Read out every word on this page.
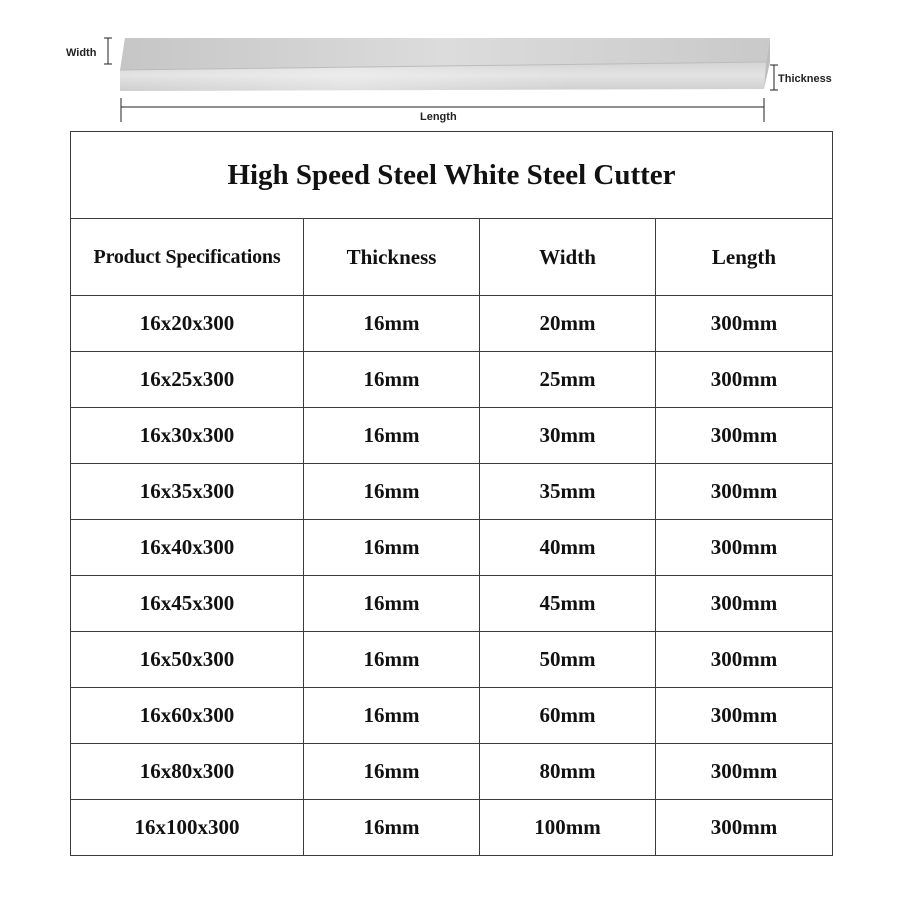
Width
Thickness
Length
High Speed Steel White Steel Cutter			
Product Specifications	Thickness	Width	Length
16x20x300	16mm	20mm	300mm
16x25x300	16mm	25mm	300mm
16x30x300	16mm	30mm	300mm
16x35x300	16mm	35mm	300mm
16x40x300	16mm	40mm	300mm
16x45x300	16mm	45mm	300mm
16x50x300	16mm	50mm	300mm
16x60x300	16mm	60mm	300mm
16x80x300	16mm	80mm	300mm
16x100x300	16mm	100mm	300mm
